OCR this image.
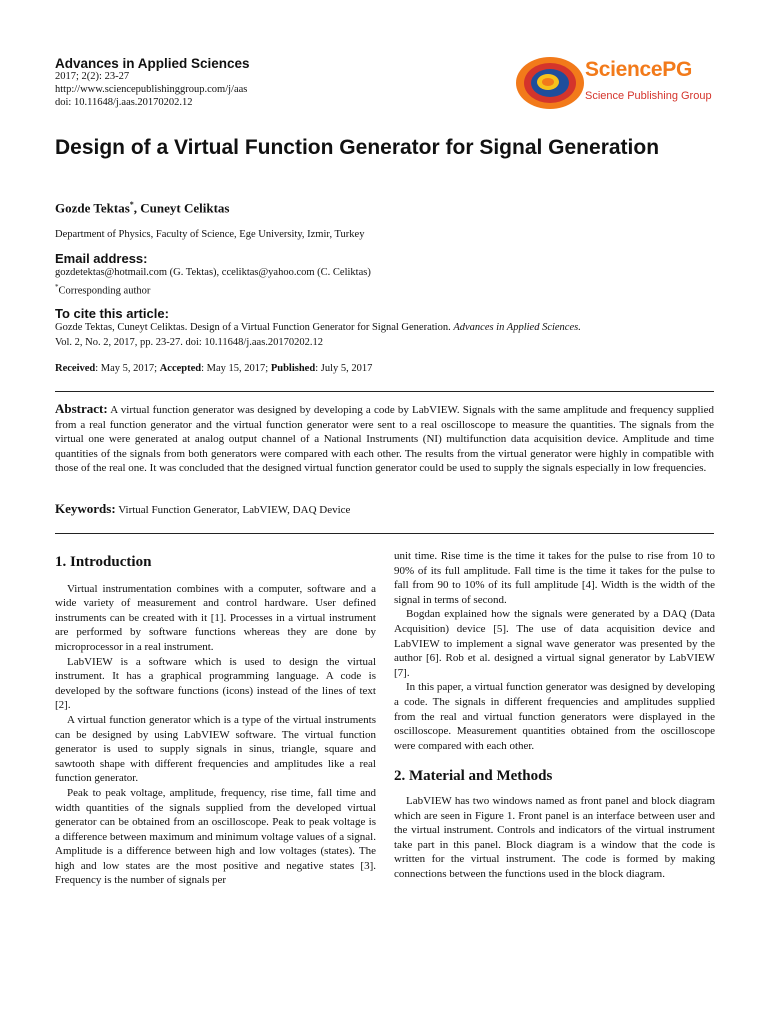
Advances in Applied Sciences
2017; 2(2): 23-27
http://www.sciencepublishinggroup.com/j/aas
doi: 10.11648/j.aas.20170202.12
SciencePG
Science Publishing Group
Design of a Virtual Function Generator for Signal Generation
Gozde Tektas*, Cuneyt Celiktas
Department of Physics, Faculty of Science, Ege University, Izmir, Turkey
Email address:
gozdetektas@hotmail.com (G. Tektas), cceliktas@yahoo.com (C. Celiktas)
*Corresponding author
To cite this article:
Gozde Tektas, Cuneyt Celiktas. Design of a Virtual Function Generator for Signal Generation. Advances in Applied Sciences.
Vol. 2, No. 2, 2017, pp. 23-27. doi: 10.11648/j.aas.20170202.12
Received: May 5, 2017; Accepted: May 15, 2017; Published: July 5, 2017
Abstract: A virtual function generator was designed by developing a code by LabVIEW. Signals with the same amplitude and frequency supplied from a real function generator and the virtual function generator were sent to a real oscilloscope to measure the quantities. The signals from the virtual one were generated at analog output channel of a National Instruments (NI) multifunction data acquisition device. Amplitude and time quantities of the signals from both generators were compared with each other. The results from the virtual generator were highly in compatible with those of the real one. It was concluded that the designed virtual function generator could be used to supply the signals especially in low frequencies.
Keywords: Virtual Function Generator, LabVIEW, DAQ Device
1. Introduction

Virtual instrumentation combines with a computer, software and a wide variety of measurement and control hardware. User defined instruments can be created with it [1]. Processes in a virtual instrument are performed by software functions whereas they are done by microprocessor in a real instrument.

LabVIEW is a software which is used to design the virtual instrument. It has a graphical programming language. A code is developed by the software functions (icons) instead of the lines of text [2].

A virtual function generator which is a type of the virtual instruments can be designed by using LabVIEW software. The virtual function generator is used to supply signals in sinus, triangle, square and sawtooth shape with different frequencies and amplitudes like a real function generator.

Peak to peak voltage, amplitude, frequency, rise time, fall time and width quantities of the signals supplied from the developed virtual generator can be obtained from an oscilloscope. Peak to peak voltage is a difference between maximum and minimum voltage values of a signal. Amplitude is a difference between high and low voltages (states). The high and low states are the most positive and negative states [3]. Frequency is the number of signals per

unit time. Rise time is the time it takes for the pulse to rise from 10 to 90% of its full amplitude. Fall time is the time it takes for the pulse to fall from 90 to 10% of its full amplitude [4]. Width is the width of the signal in terms of second.

Bogdan explained how the signals were generated by a DAQ (Data Acquisition) device [5]. The use of data acquisition device and LabVIEW to implement a signal wave generator was presented by the author [6]. Rob et al. designed a virtual signal generator by LabVIEW [7].

In this paper, a virtual function generator was designed by developing a code. The signals in different frequencies and amplitudes supplied from the real and virtual function generators were displayed in the oscilloscope. Measurement quantities obtained from the oscilloscope were compared with each other.

2. Material and Methods

LabVIEW has two windows named as front panel and block diagram which are seen in Figure 1. Front panel is an interface between user and the virtual instrument. Controls and indicators of the virtual instrument take part in this panel. Block diagram is a window that the code is written for the virtual instrument. The code is formed by making connections between the functions used in the block diagram.
